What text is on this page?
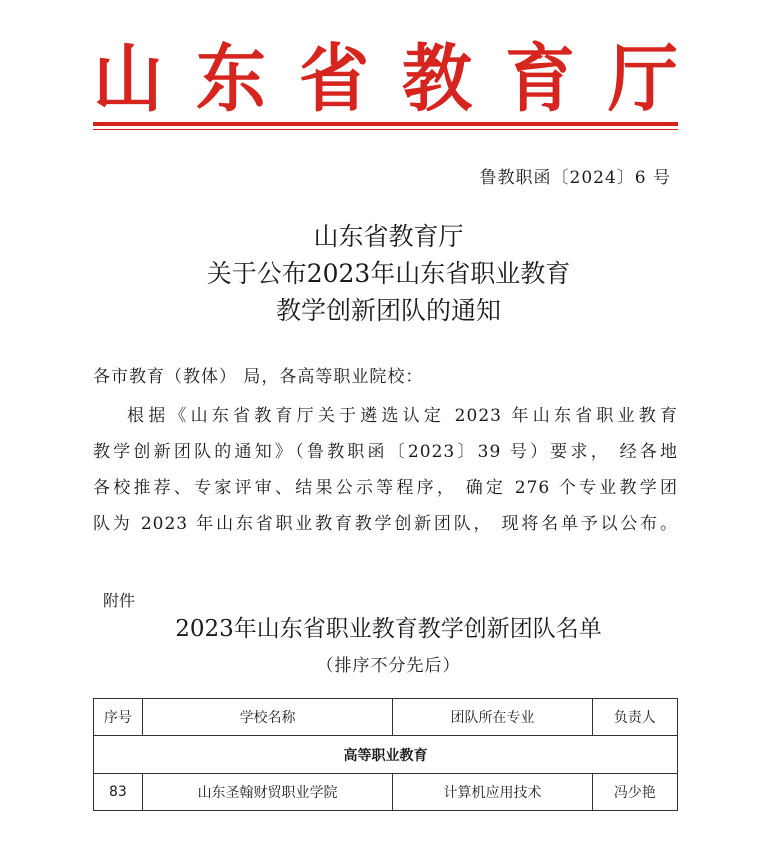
山 东 省 教 育 厅
鲁教职函〔2024〕6 号
山东省教育厅
关于公布2023年山东省职业教育
教学创新团队的通知
各市教育（教体） 局，各高等职业院校：
根据《山东省教育厅关于遴选认定 2023 年山东省职业教育
教学创新团队的通知》（鲁教职函〔2023〕39 号）要求， 经各地
各校推荐、专家评审、结果公示等程序， 确定 276 个专业教学团
队为 2023 年山东省职业教育教学创新团队， 现将名单予以公布。
附件
2023年山东省职业教育教学创新团队名单
（排序不分先后）
序号	学校名称	团队所在专业	负责人
高等职业教育			
83	山东圣翰财贸职业学院	计算机应用技术	冯少艳
